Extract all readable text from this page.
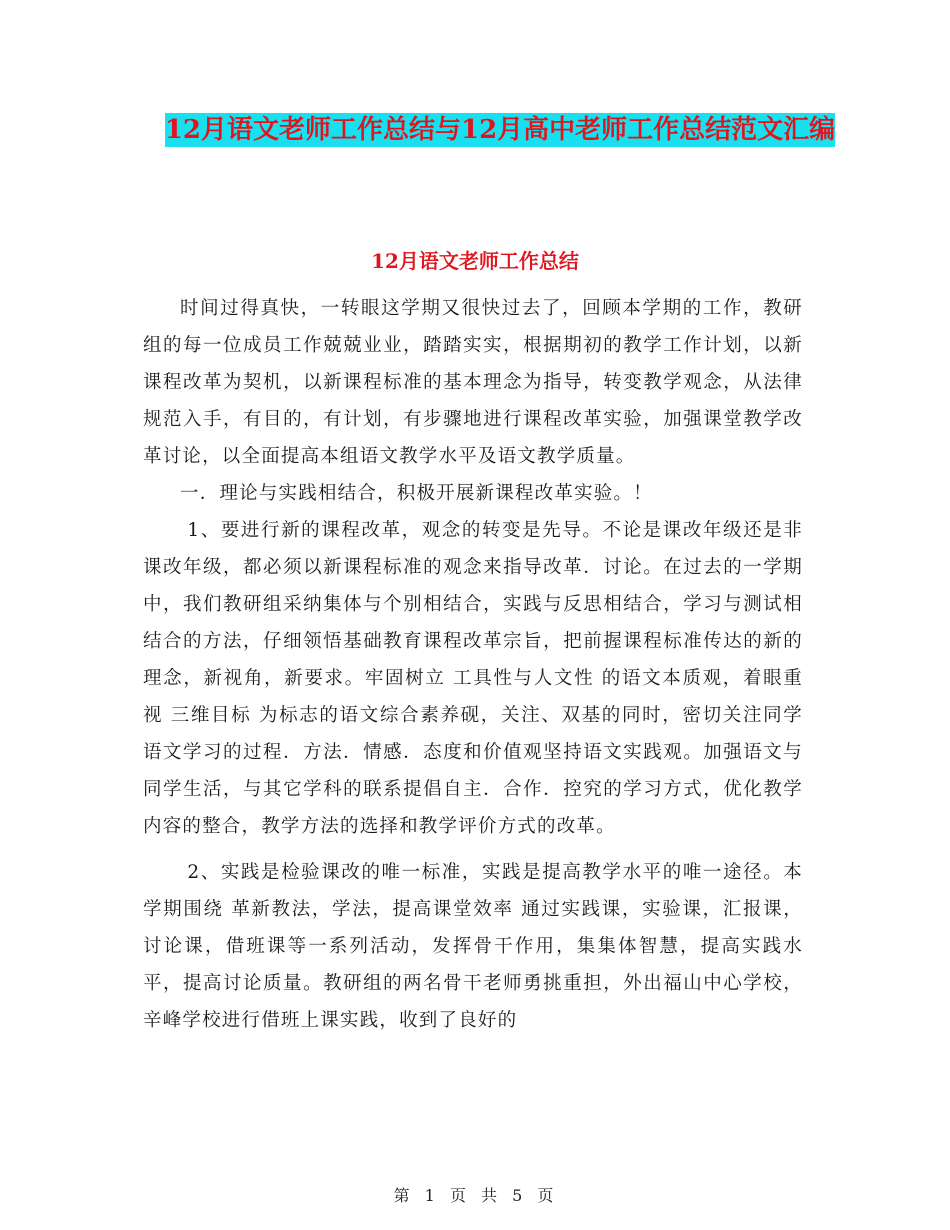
12月语文老师工作总结与12月高中老师工作总结范文汇编
12月语文老师工作总结

时间过得真快，一转眼这学期又很快过去了，回顾本学期的工作，教研组的每一位成员工作兢兢业业，踏踏实实，根据期初的教学工作计划，以新课程改革为契机，以新课程标准的基本理念为指导，转变教学观念，从法律规范入手，有目的，有计划，有步骤地进行课程改革实验，加强课堂教学改革讨论，以全面提高本组语文教学水平及语文教学质量。

一．理论与实践相结合，积极开展新课程改革实验。！

1、要进行新的课程改革，观念的转变是先导。不论是课改年级还是非课改年级，都必须以新课程标准的观念来指导改革．讨论。在过去的一学期中，我们教研组采纳集体与个别相结合，实践与反思相结合，学习与测试相结合的方法，仔细领悟基础教育课程改革宗旨，把前握课程标准传达的新的理念，新视角，新要求。牢固树立 工具性与人文性 的语文本质观，着眼重视 三维目标 为标志的语文综合素养砚，关注、双基的同时，密切关注同学语文学习的过程．方法．情感．态度和价值观坚持语文实践观。加强语文与同学生活，与其它学科的联系提倡自主．合作．控究的学习方式，优化教学内容的整合，教学方法的选择和教学评价方式的改革。

2、实践是检验课改的唯一标准，实践是提高教学水平的唯一途径。本学期围绕 革新教法，学法，提高课堂效率 通过实践课，实验课，汇报课，讨论课，借班课等一系列活动，发挥骨干作用，集集体智慧，提高实践水平，提高讨论质量。教研组的两名骨干老师勇挑重担，外出福山中心学校，辛峰学校进行借班上课实践，收到了良好的

第 1 页 共 5 页
